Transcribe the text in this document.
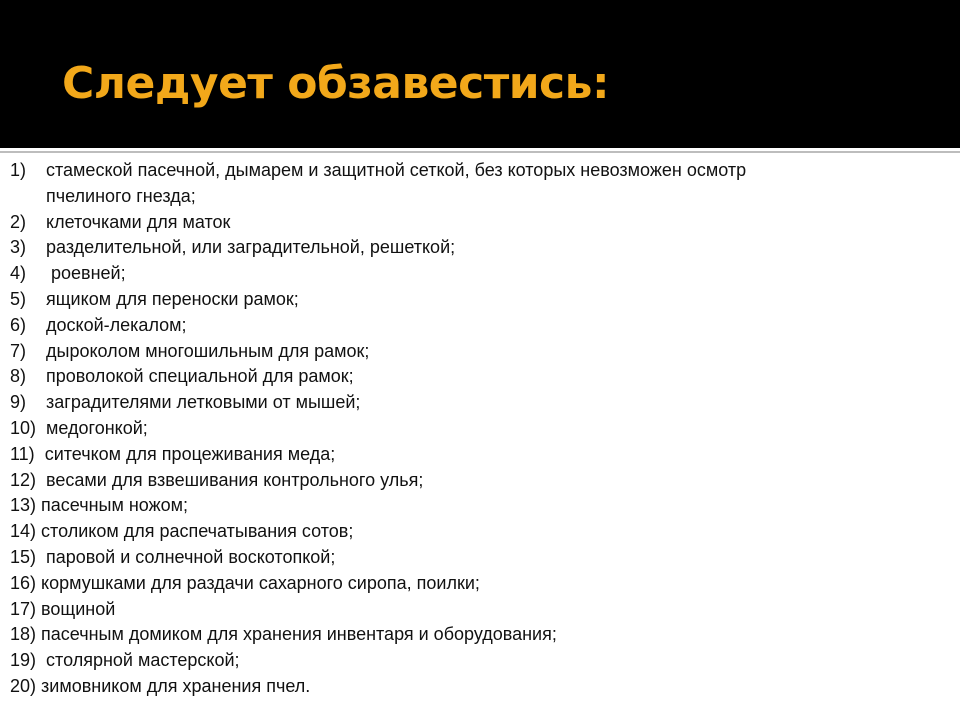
Следует обзавестись:
1)	стамеской пасечной, дымарем и защитной сеткой, без которых невозможен осмотр
пчелиного гнезда;
2)	клеточками для маток
3)	разделительной, или заградительной, решеткой;
4)	роевней;
5)	ящиком для переноски рамок;
6)	доской-лекалом;
7)	дыроколом многошильным для рамок;
8)	проволокой специальной для рамок;
9)	заградителями летковыми от мышей;
10) медогонкой;
11) ситечком для процеживания меда;
12) весами для взвешивания контрольного улья;
13) пасечным ножом;
14) столиком для распечатывания сотов;
15) паровой и солнечной воскотопкой;
16) кормушками для раздачи сахарного сиропа, поилки;
17) вощиной
18) пасечным домиком для хранения инвентаря и оборудования;
19) столярной мастерской;
20) зимовником для хранения пчел.
